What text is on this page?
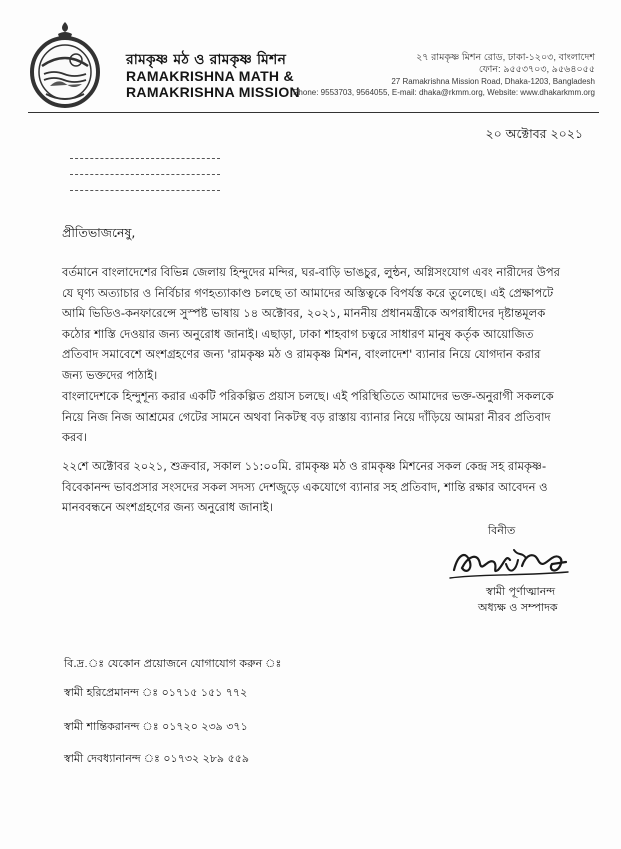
রামকৃষ্ণ মঠ ও রামকৃষ্ণ মিশন
RAMAKRISHNA MATH &
RAMAKRISHNA MISSION
২৭ রামকৃষ্ণ মিশন রোড, ঢাকা-১২০৩, বাংলাদেশ
ফোন: ৯৫৫৩৭০৩, ৯৫৬৪০৫৫
27 Ramakrishna Mission Road, Dhaka-1203, Bangladesh
Phone: 9553703, 9564055, E-mail: dhaka@rkmm.org, Website: www.dhakarkmm.org
২০ অক্টোবর ২০২১
প্রীতিভাজনেষু,
বর্তমানে বাংলাদেশের বিভিন্ন জেলায় হিন্দুদের মন্দির, ঘর-বাড়ি ভাঙচুর, লুন্ঠন, অগ্নিসংযোগ এবং নারীদের উপর
যে ঘৃণ্য অত্যাচার ও নির্বিচার গণহত্যাকাণ্ড চলছে তা আমাদের অস্তিত্বকে বিপর্যস্ত করে তুলেছে। এই প্রেক্ষাপটে
আমি ভিডিও-কনফারেন্সে সুস্পষ্ট ভাষায় ১৪ অক্টোবর, ২০২১, মাননীয় প্রধানমন্ত্রীকে অপরাধীদের দৃষ্টান্তমূলক
কঠোর শাস্তি দেওয়ার জন্য অনুরোধ জানাই। এছাড়া, ঢাকা শাহবাগ চত্বরে সাধারণ মানুষ কর্তৃক আয়োজিত
প্রতিবাদ সমাবেশে অংশগ্রহণের জন্য 'রামকৃষ্ণ মঠ ও রামকৃষ্ণ মিশন, বাংলাদেশ' ব্যানার নিয়ে যোগদান করার
জন্য ভক্তদের পাঠাই।
বাংলাদেশকে হিন্দুশূন্য করার একটি পরিকল্পিত প্রয়াস চলছে। এই পরিস্থিতিতে আমাদের ভক্ত-অনুরাগী সকলকে
নিয়ে নিজ নিজ আশ্রমের গেটের সামনে অথবা নিকটস্থ বড় রাস্তায় ব্যানার নিয়ে দাঁড়িয়ে আমরা নীরব প্রতিবাদ
করব।
২২শে অক্টোবর ২০২১, শুক্রবার, সকাল ১১:০০মি. রামকৃষ্ণ মঠ ও রামকৃষ্ণ মিশনের সকল কেন্দ্র সহ রামকৃষ্ণ-
বিবেকানন্দ ভাবপ্রসার সংসদের সকল সদস্য দেশজুড়ে একযোগে ব্যানার সহ প্রতিবাদ, শান্তি রক্ষার আবেদন ও
মানববন্ধনে অংশগ্রহণের জন্য অনুরোধ জানাই।
বিনীত
স্বামী পূর্ণাত্মানন্দ
অধ্যক্ষ ও সম্পাদক
বি.দ্র.ঃ যেকোন প্রয়োজনে যোগাযোগ করুন ঃ
স্বামী হরিপ্রেমানন্দ ঃ ০১৭১৫ ১৫১ ৭৭২
স্বামী শান্তিকরানন্দ ঃ ০১৭২০ ২৩৯ ৩৭১
স্বামী দেবধ্যানানন্দ ঃ ০১৭৩২ ২৮৯ ৫৫৯
